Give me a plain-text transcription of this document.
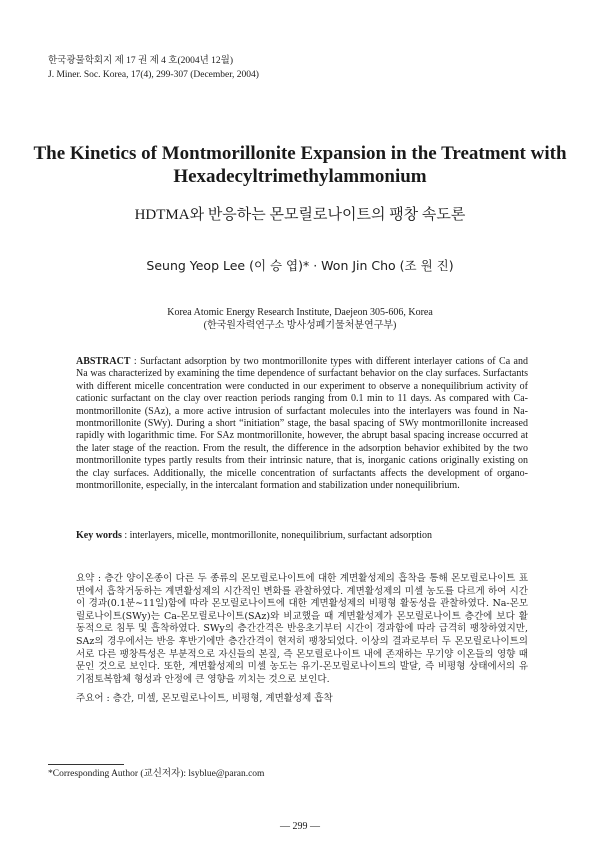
한국광물학회지 제 17 권 제 4 호(2004년 12월)
J. Miner. Soc. Korea, 17(4), 299-307 (December, 2004)
The Kinetics of Montmorillonite Expansion in the Treatment with
Hexadecyltrimethylammonium
HDTMA와 반응하는 몬모릴로나이트의 팽창 속도론
Seung Yeop Lee (이 승 엽)* · Won Jin Cho (조 원 진)
Korea Atomic Energy Research Institute, Daejeon 305-606, Korea
(한국원자력연구소 방사성폐기물처분연구부)
ABSTRACT : Surfactant adsorption by two montmorillonite types with different interlayer cations of Ca and Na was characterized by examining the time dependence of surfactant behavior on the clay surfaces. Surfactants with different micelle concentration were conducted in our experiment to observe a nonequilibrium activity of cationic surfactant on the clay over reaction periods ranging from 0.1 min to 11 days. As compared with Ca-montmorillonite (SAz), a more active intrusion of surfactant molecules into the interlayers was found in Na-montmorillonite (SWy). During a short “initiation” stage, the basal spacing of SWy montmorillonite increased rapidly with logarithmic time. For SAz montmorillonite, however, the abrupt basal spacing increase occurred at the later stage of the reaction. From the result, the difference in the adsorption behavior exhibited by the two montmorillonite types partly results from their intrinsic nature, that is, inorganic cations originally existing on the clay surfaces. Additionally, the micelle concentration of surfactants affects the development of organo-montmorillonite, especially, in the intercalant formation and stabilization under nonequilibrium.
Key words : interlayers, micelle, montmorillonite, nonequilibrium, surfactant adsorption
요약 : 층간 양이온종이 다른 두 종류의 몬모릴로나이트에 대한 계면활성제의 흡착을 통해 몬모릴로나이트 표면에서 흡착거동하는 계면활성제의 시간적인 변화를 관찰하였다. 계면활성제의 미셀 농도를 다르게 하여 시간이 경과(0.1분∼11일)함에 따라 몬모릴로나이트에 대한 계면활성제의 비평형 활동성을 관찰하였다. Na-몬모릴로나이트(SWy)는 Ca-몬모릴로나이트(SAz)와 비교했을 때 계면활성제가 몬모릴로나이트 층간에 보다 활동적으로 침투 및 흡착하였다. SWy의 층간간격은 반응초기부터 시간이 경과함에 따라 급격히 팽창하였지만, SAz의 경우에서는 반응 후반기에만 층간간격이 현저히 팽창되었다. 이상의 결과로부터 두 몬모릴로나이트의 서로 다른 팽창특성은 부분적으로 자신들의 본질, 즉 몬모릴로나이트 내에 존재하는 무기양 이온들의 영향 때문인 것으로 보인다. 또한, 계면활성제의 미셀 농도는 유기-몬모릴로나이트의 발달, 즉 비평형 상태에서의 유기점토복합체 형성과 안정에 큰 영향을 끼치는 것으로 보인다.
주요어 : 층간, 미셀, 몬모릴로나이트, 비평형, 계면활성제 흡착
*Corresponding Author (교신저자): lsyblue@paran.com
— 299 —
